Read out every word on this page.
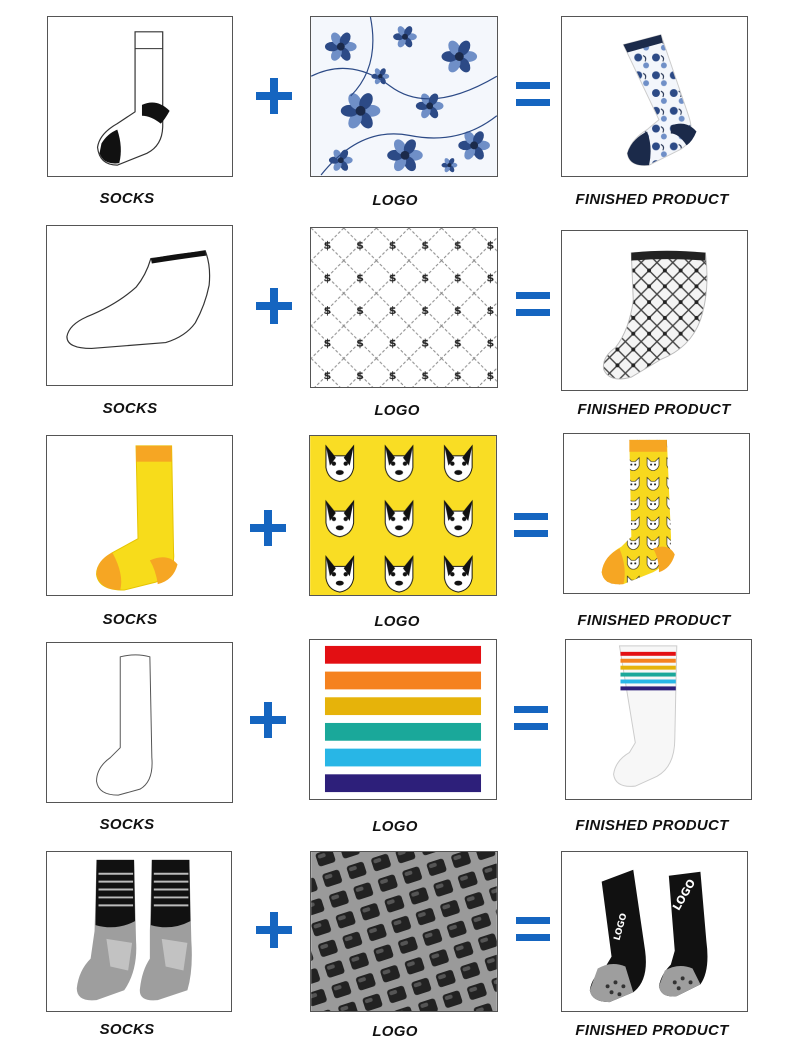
SOCKS	LOGO	FINISHED PRODUCT
SOCKS	LOGO	FINISHED PRODUCT
SOCKS	LOGO	FINISHED PRODUCT
SOCKS	LOGO	FINISHED PRODUCT
LOGO
LOGO
SOCKS	LOGO	FINISHED PRODUCT
